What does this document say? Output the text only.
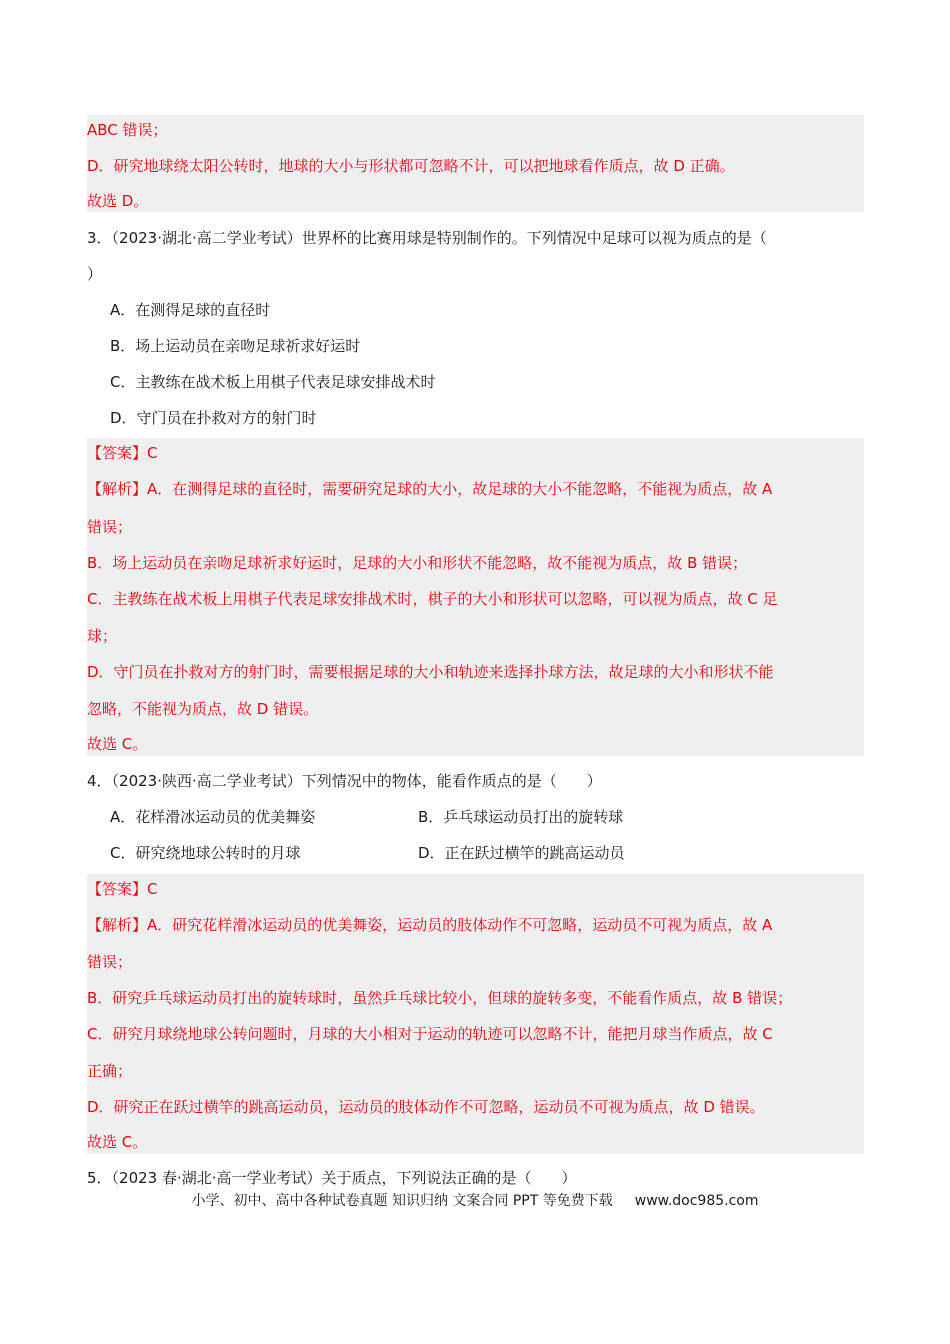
ABC 错误；
D．研究地球绕太阳公转时，地球的大小与形状都可忽略不计，可以把地球看作质点，故 D 正确。
故选 D。
3．（2023·湖北·高二学业考试）世界杯的比赛用球是特别制作的。下列情况中足球可以视为质点的是（
）
A．在测得足球的直径时
B．场上运动员在亲吻足球祈求好运时
C．主教练在战术板上用棋子代表足球安排战术时
D．守门员在扑救对方的射门时
【答案】C
【解析】A．在测得足球的直径时，需要研究足球的大小，故足球的大小不能忽略，不能视为质点，故 A
错误；
B．场上运动员在亲吻足球祈求好运时，足球的大小和形状不能忽略，故不能视为质点，故 B 错误；
C．主教练在战术板上用棋子代表足球安排战术时，棋子的大小和形状可以忽略，可以视为质点，故 C 足
球；
D．守门员在扑救对方的射门时，需要根据足球的大小和轨迹来选择扑球方法，故足球的大小和形状不能
忽略，不能视为质点，故 D 错误。
故选 C。
4．（2023·陕西·高二学业考试）下列情况中的物体，能看作质点的是（　　）
A．花样滑冰运动员的优美舞姿	B．乒乓球运动员打出的旋转球
C．研究绕地球公转时的月球	D．正在跃过横竿的跳高运动员
【答案】C
【解析】A．研究花样滑冰运动员的优美舞姿，运动员的肢体动作不可忽略，运动员不可视为质点，故 A
错误；
B．研究乒乓球运动员打出的旋转球时，虽然乒乓球比较小，但球的旋转多变，不能看作质点，故 B 错误；
C．研究月球绕地球公转问题时，月球的大小相对于运动的轨迹可以忽略不计，能把月球当作质点，故 C
正确；
D．研究正在跃过横竿的跳高运动员，运动员的肢体动作不可忽略，运动员不可视为质点，故 D 错误。
故选 C。
5．（2023 春·湖北·高一学业考试）关于质点，下列说法正确的是（　　）
小学、初中、高中各种试卷真题 知识归纳 文案合同 PPT 等免费下载 www.doc985.com
